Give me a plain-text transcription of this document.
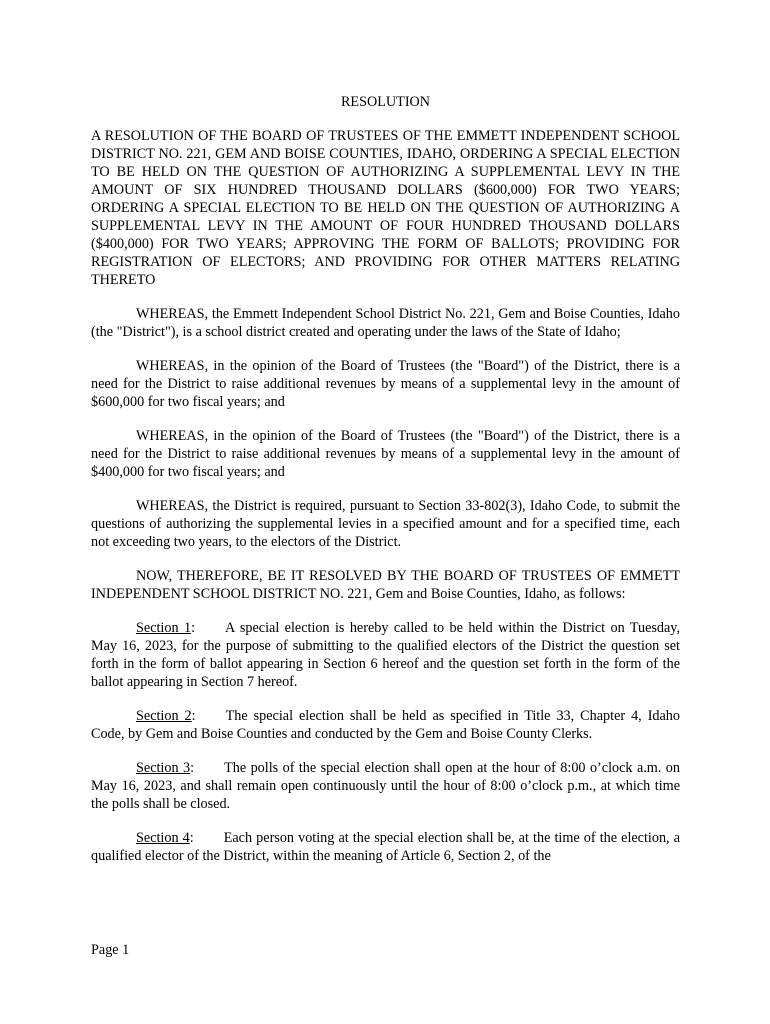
RESOLUTION
A RESOLUTION OF THE BOARD OF TRUSTEES OF THE EMMETT INDEPENDENT SCHOOL DISTRICT NO. 221, GEM AND BOISE COUNTIES, IDAHO, ORDERING A SPECIAL ELECTION TO BE HELD ON THE QUESTION OF AUTHORIZING A SUPPLEMENTAL LEVY IN THE AMOUNT OF SIX HUNDRED THOUSAND DOLLARS ($600,000) FOR TWO YEARS; ORDERING A SPECIAL ELECTION TO BE HELD ON THE QUESTION OF AUTHORIZING A SUPPLEMENTAL LEVY IN THE AMOUNT OF FOUR HUNDRED THOUSAND DOLLARS ($400,000) FOR TWO YEARS; APPROVING THE FORM OF BALLOTS; PROVIDING FOR REGISTRATION OF ELECTORS; AND PROVIDING FOR OTHER MATTERS RELATING THERETO

WHEREAS, the Emmett Independent School District No. 221, Gem and Boise Counties, Idaho (the "District"), is a school district created and operating under the laws of the State of Idaho;

WHEREAS, in the opinion of the Board of Trustees (the "Board") of the District, there is a need for the District to raise additional revenues by means of a supplemental levy in the amount of $600,000 for two fiscal years; and

WHEREAS, in the opinion of the Board of Trustees (the "Board") of the District, there is a need for the District to raise additional revenues by means of a supplemental levy in the amount of $400,000 for two fiscal years; and

WHEREAS, the District is required, pursuant to Section 33-802(3), Idaho Code, to submit the questions of authorizing the supplemental levies in a specified amount and for a specified time, each not exceeding two years, to the electors of the District.

NOW, THEREFORE, BE IT RESOLVED BY THE BOARD OF TRUSTEES OF EMMETT INDEPENDENT SCHOOL DISTRICT NO. 221, Gem and Boise Counties, Idaho, as follows:

Section 1: A special election is hereby called to be held within the District on Tuesday, May 16, 2023, for the purpose of submitting to the qualified electors of the District the question set forth in the form of ballot appearing in Section 6 hereof and the question set forth in the form of the ballot appearing in Section 7 hereof.

Section 2: The special election shall be held as specified in Title 33, Chapter 4, Idaho Code, by Gem and Boise Counties and conducted by the Gem and Boise County Clerks.

Section 3: The polls of the special election shall open at the hour of 8:00 o’clock a.m. on May 16, 2023, and shall remain open continuously until the hour of 8:00 o’clock p.m., at which time the polls shall be closed.

Section 4: Each person voting at the special election shall be, at the time of the election, a qualified elector of the District, within the meaning of Article 6, Section 2, of the

Page 1
